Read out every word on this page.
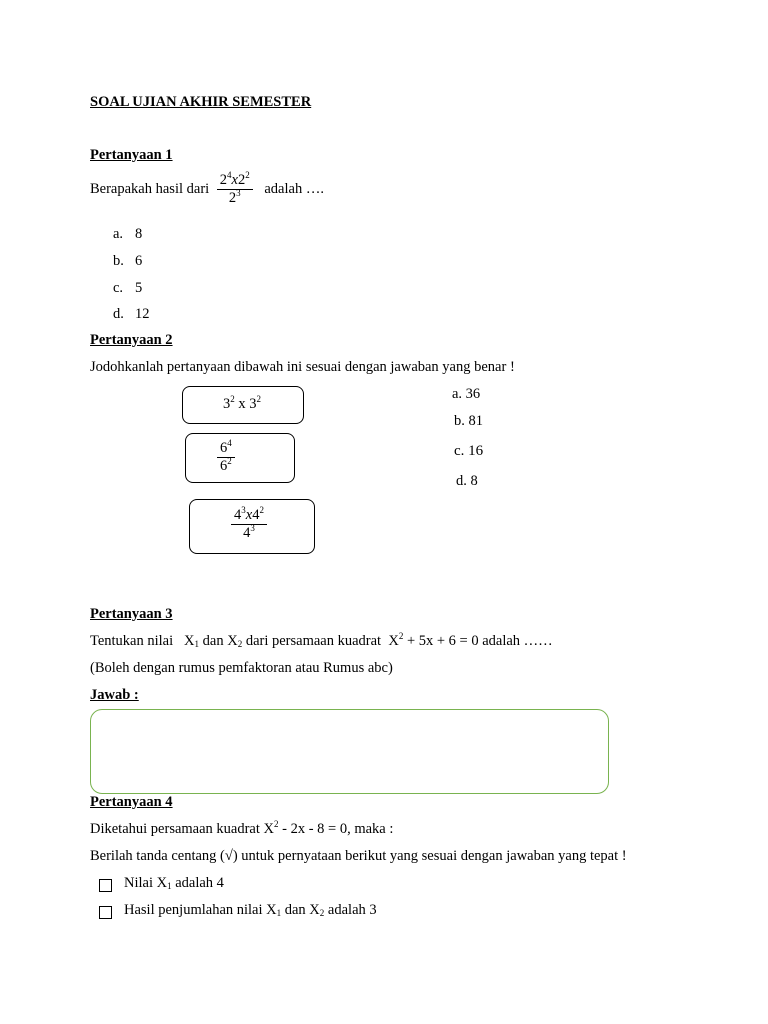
SOAL UJIAN AKHIR SEMESTER
Pertanyaan 1
Berapakah hasil dari $\frac{2^4x2^2}{2^3}$ adalah ….
a. 8
b. 6
c. 5
d. 12
Pertanyaan 2
Jodohkanlah pertanyaan dibawah ini sesuai dengan jawaban yang benar !
$3^2$ x $3^2$
$\frac{6^4}{6^2}$
$\frac{4^3x4^2}{4^3}$
a. 36
b. 81
c. 16
d. 8
Pertanyaan 3
Tentukan nilai $X_1$ dan $X_2$ dari persamaan kuadrat $X^2 + 5x + 6 = 0$ adalah ……
(Boleh dengan rumus pemfaktoran atau Rumus abc)
Jawab :
Pertanyaan 4
Diketahui persamaan kuadrat $X^2 - 2x - 8 = 0$, maka :
Berilah tanda centang (√) untuk pernyataan berikut yang sesuai dengan jawaban yang tepat !
Nilai $X_1$ adalah 4
Hasil penjumlahan nilai $X_1$ dan $X_2$ adalah 3
